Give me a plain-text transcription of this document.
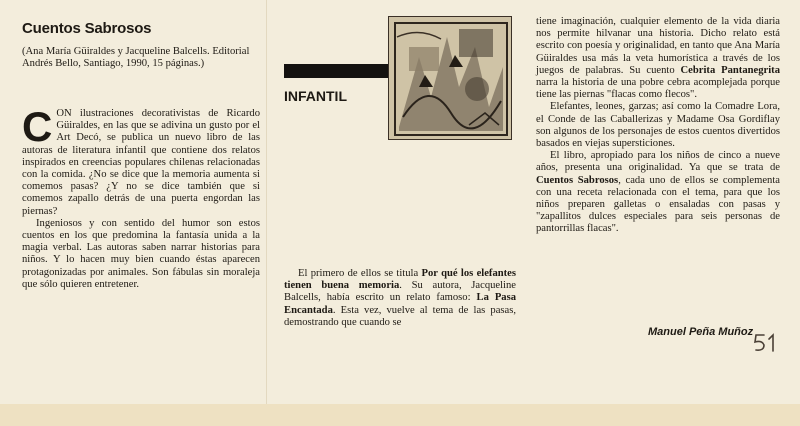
Cuentos Sabrosos
(Ana María Güiraldes y Jacqueline Balcells. Editorial Andrés Bello, Santiago, 1990, 15 páginas.)

CON ilustraciones decorativistas de Ricardo Güiraldes, en las que se adivina un gusto por el Art Decó, se publica un nuevo libro de las autoras de literatura infantil que contiene dos relatos inspirados en creencias populares chilenas relacionadas con la comida. ¿No se dice que la memoria aumenta si comemos pasas? ¿Y no se dice también que si comemos zapallo detrás de una puerta engordan las piernas?

Ingeniosos y con sentido del humor son estos cuentos en los que predomina la fantasía unida a la magia verbal. Las autoras saben narrar historias para niños. Y lo hacen muy bien cuando éstas aparecen protagonizadas por animales. Son fábulas sin moraleja que sólo quieren entretener.

INFANTIL

El primero de ellos se titula Por qué los elefantes tienen buena memoria. Su autora, Jacqueline Balcells, había escrito un relato famoso: La Pasa Encantada. Esta vez, vuelve al tema de las pasas, demostrando que cuando se

tiene imaginación, cualquier elemento de la vida diaria nos permite hilvanar una historia. Dicho relato está escrito con poesía y originalidad, en tanto que Ana María Güiraldes usa más la veta humorística a través de los juegos de palabras. Su cuento Cebrita Pantanegrita narra la historia de una pobre cebra acomplejada porque tiene las piernas "flacas como flecos".

Elefantes, leones, garzas; así como la Comadre Lora, el Conde de las Caballerizas y Madame Osa Gordiflay son algunos de los personajes de estos cuentos divertidos basados en viejas supersticiones.

El libro, apropiado para los niños de cinco a nueve años, presenta una originalidad. Ya que se trata de Cuentos Sabrosos, cada uno de ellos se complementa con una receta relacionada con el tema, para que los niños preparen galletas o ensaladas con pasas y "zapallitos dulces especiales para seis personas de pantorrillas flacas".

Manuel Peña Muñoz
